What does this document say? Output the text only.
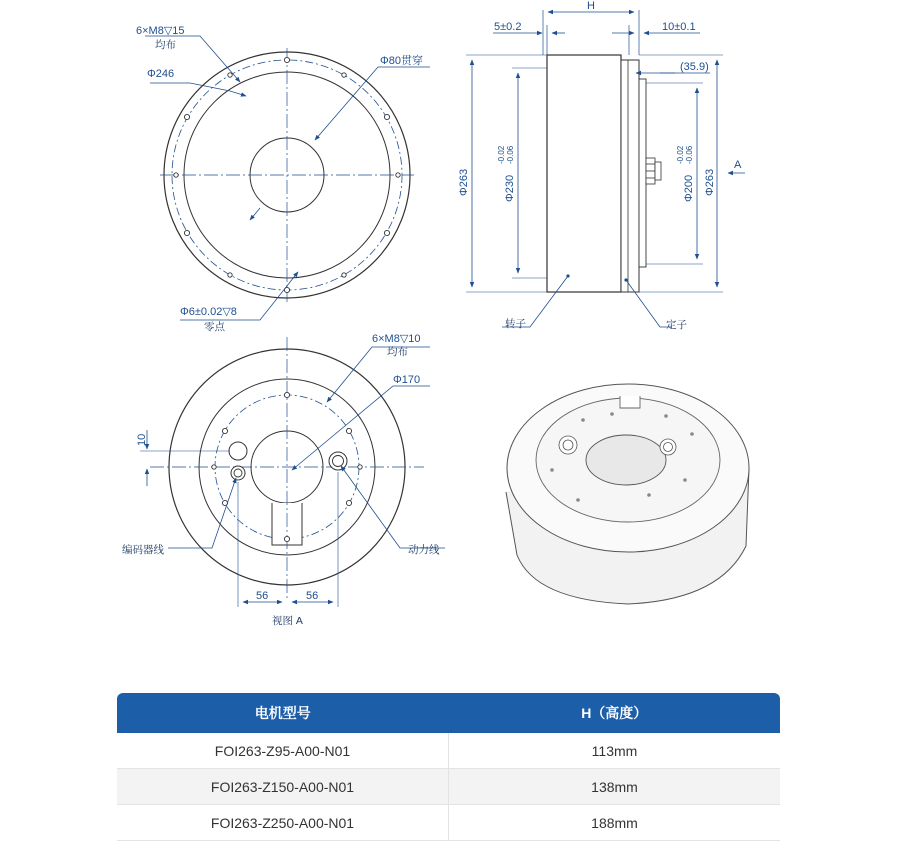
6×M8▽15
均布
Φ246
Φ80贯穿
Φ6±0.02▽8
零点
H
5±0.2	10±0.1
(35.9)
Φ263	Φ230
-0.02 -0.06
Φ200
-0.02 -0.06
Φ263
A
转子	定子
6×M8▽10
均布
Φ170
10
编码器线	动力线
56	56
视图 A
电机型号	H（高度）
FOI263-Z95-A00-N01	113mm
FOI263-Z150-A00-N01	138mm
FOI263-Z250-A00-N01	188mm
